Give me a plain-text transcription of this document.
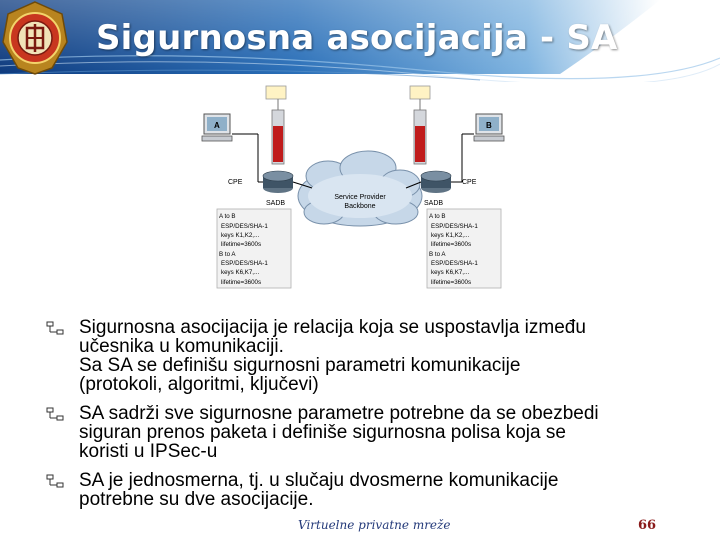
Sigurnosna asocijacija - SA
A	B
Service Provider
Backbone
CPE	CPE
SADB	SADB
A to B
ESP/DES/SHA-1
keys K1,K2,...
lifetime=3600s
B to A
ESP/DES/SHA-1
keys K6,K7,...
lifetime=3600s
A to B
ESP/DES/SHA-1
keys K1,K2,...
lifetime=3600s
B to A
ESP/DES/SHA-1
keys K6,K7,...
lifetime=3600s
Sigurnosna asocijacija je relacija koja se uspostavlja između
učesnika u komunikaciji.
Sa SA se definišu sigurnosni parametri komunikacije
(protokoli, algoritmi, ključevi)
SA sadrži sve sigurnosne parametre potrebne da se obezbedi
siguran prenos paketa i definiše sigurnosna polisa koja se
koristi u IPSec-u
SA je jednosmerna, tj. u slučaju dvosmerne komunikacije
potrebne su dve asocijacije.
Virtuelne privatne mreže	66
